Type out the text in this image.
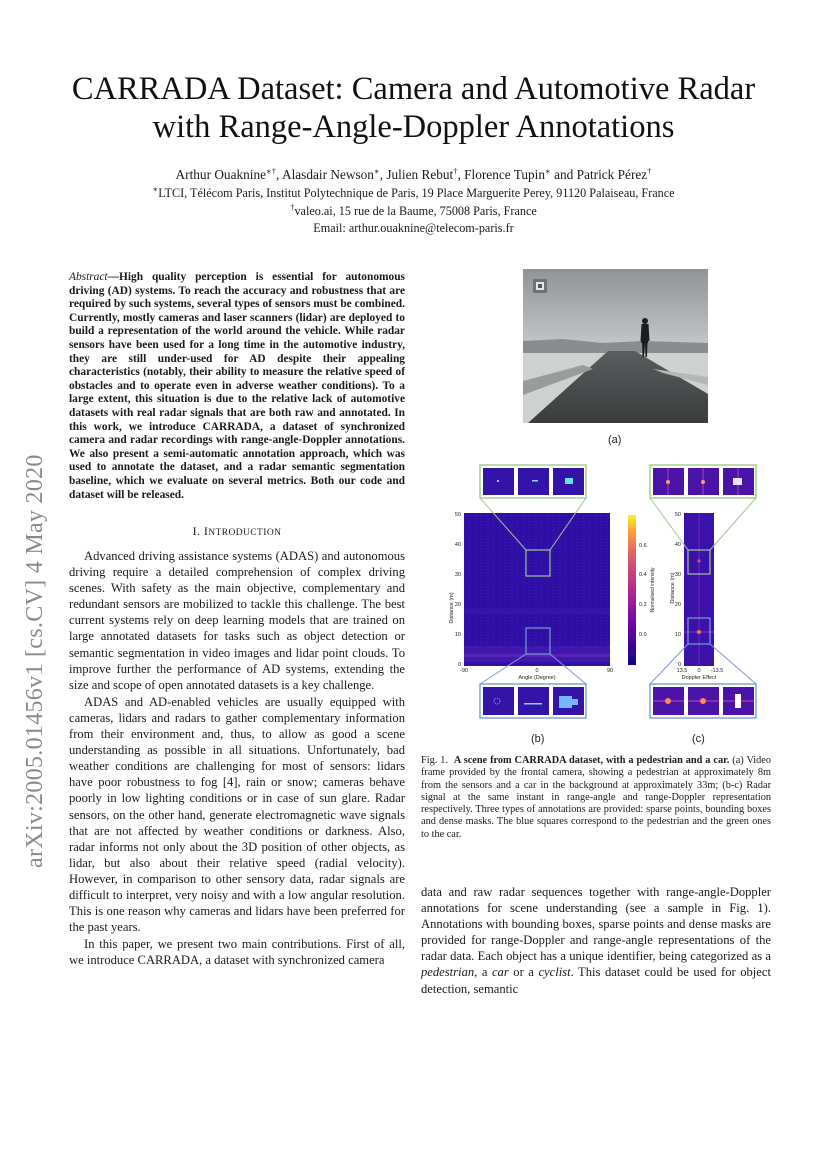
arXiv:2005.01456v1 [cs.CV] 4 May 2020
CARRADA Dataset: Camera and Automotive Radar
with Range-Angle-Doppler Annotations
Arthur Ouaknine∗†, Alasdair Newson∗, Julien Rebut†, Florence Tupin∗ and Patrick Pérez†
∗LTCI, Télécom Paris, Institut Polytechnique de Paris, 19 Place Marguerite Perey, 91120 Palaiseau, France
†valeo.ai, 15 rue de la Baume, 75008 Paris, France
Email: arthur.ouaknine@telecom-paris.fr
Abstract—High quality perception is essential for autonomous driving (AD) systems. To reach the accuracy and robustness that are required by such systems, several types of sensors must be combined. Currently, mostly cameras and laser scanners (lidar) are deployed to build a representation of the world around the vehicle. While radar sensors have been used for a long time in the automotive industry, they are still under-used for AD despite their appealing characteristics (notably, their ability to measure the relative speed of obstacles and to operate even in adverse weather conditions). To a large extent, this situation is due to the relative lack of automotive datasets with real radar signals that are both raw and annotated. In this work, we introduce CARRADA, a dataset of synchronized camera and radar recordings with range-angle-Doppler annotations. We also present a semi-automatic annotation approach, which was used to annotate the dataset, and a radar semantic segmentation baseline, which we evaluate on several metrics. Both our code and dataset will be released.
I. INTRODUCTION

Advanced driving assistance systems (ADAS) and autonomous driving require a detailed comprehension of complex driving scenes. With safety as the main objective, complementary and redundant sensors are mobilized to tackle this challenge. The best current systems rely on deep learning models that are trained on large annotated datasets for tasks such as object detection or semantic segmentation in video images and lidar point clouds. To improve further the performance of AD systems, extending the size and scope of open annotated datasets is a key challenge.

ADAS and AD-enabled vehicles are usually equipped with cameras, lidars and radars to gather complementary information from their environment and, thus, to allow as good a scene understanding as possible in all situations. Unfortunately, bad weather conditions are challenging for most of sensors: lidars have poor robustness to fog [4], rain or snow; cameras behave poorly in low lighting conditions or in case of sun glare. Radar sensors, on the other hand, generate electromagnetic wave signals that are not affected by weather conditions or darkness. Also, radar informs not only about the 3D position of other objects, as lidar, but also about their relative speed (radial velocity). However, in comparison to other sensory data, radar signals are difficult to interpret, very noisy and with a low angular resolution. This is one reason why cameras and lidars have been preferred for the past years.

In this paper, we present two main contributions. First of all, we introduce CARRADA, a dataset with synchronized camera

(a)
Distance (m)
50
40
30
20
10
0
-90	0	90
Angle (Degree)
0.6
0.4
0.2
0.0
Normalised intensity	Distance (m)
50
40
30
20
10
0
13.5 0 -13.5
Doppler Effect
(b)	(c)
Fig. 1. A scene from CARRADA dataset, with a pedestrian and a car. (a) Video frame provided by the frontal camera, showing a pedestrian at approximately 8m from the sensors and a car in the background at approximately 33m; (b-c) Radar signal at the same instant in range-angle and range-Doppler representation respectively. Three types of annotations are provided: sparse points, bounding boxes and dense masks. The blue squares correspond to the pedestrian and the green ones to the car.
data and raw radar sequences together with range-angle-Doppler annotations for scene understanding (see a sample in Fig. 1). Annotations with bounding boxes, sparse points and dense masks are provided for range-Doppler and range-angle representations of the radar data. Each object has a unique identifier, being categorized as a pedestrian, a car or a cyclist. This dataset could be used for object detection, semantic
